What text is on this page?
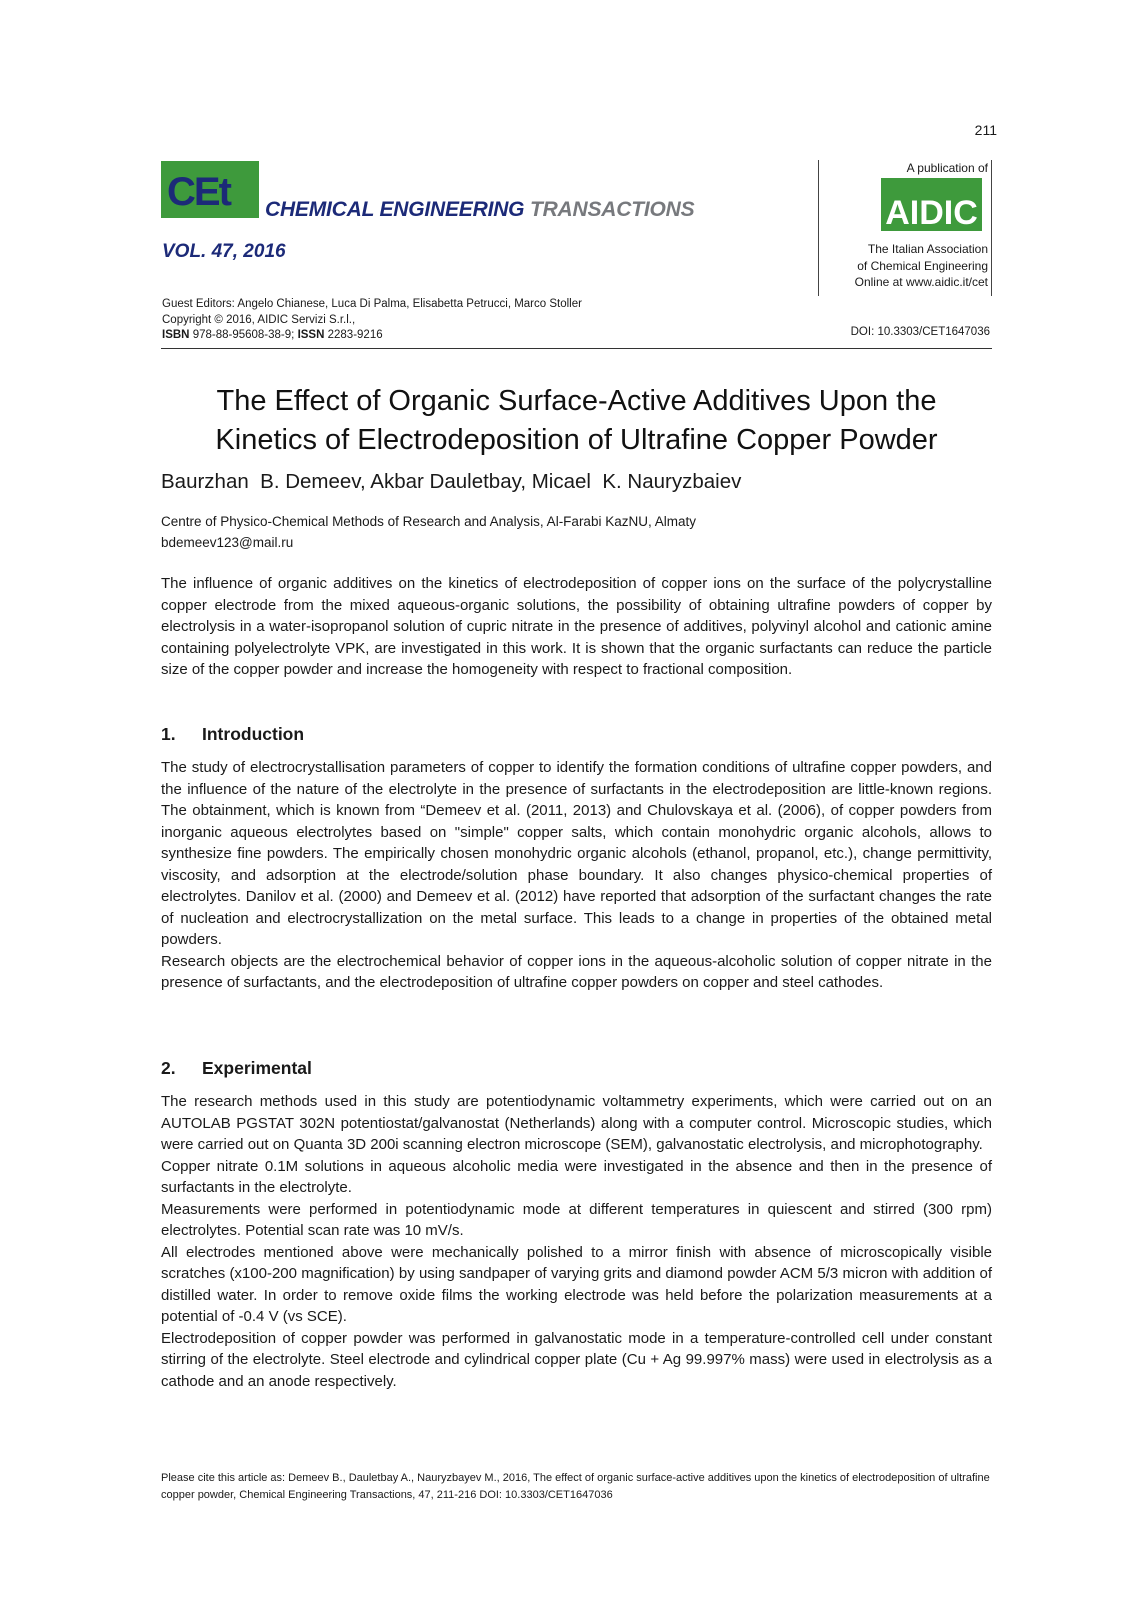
211
CEt CHEMICAL ENGINEERING TRANSACTIONS
VOL. 47, 2016
A publication of
AIDIC
The Italian Association
of Chemical Engineering
Online at www.aidic.it/cet
Guest Editors: Angelo Chianese, Luca Di Palma, Elisabetta Petrucci, Marco Stoller
Copyright © 2016, AIDIC Servizi S.r.l.,
ISBN 978-88-95608-38-9; ISSN 2283-9216	DOI: 10.3303/CET1647036
The Effect of Organic Surface-Active Additives Upon the
Kinetics of Electrodeposition of Ultrafine Copper Powder
Baurzhan  B. Demeev, Akbar Dauletbay, Micael  K. Nauryzbaiev
Centre of Physico-Chemical Methods of Research and Analysis, Al-Farabi KazNU, Almaty
bdemeev123@mail.ru

The influence of organic additives on the kinetics of electrodeposition of copper ions on the surface of the polycrystalline copper electrode from the mixed aqueous-organic solutions, the possibility of obtaining ultrafine powders of copper by electrolysis in a water-isopropanol solution of cupric nitrate in the presence of additives, polyvinyl alcohol and cationic amine containing polyelectrolyte VPK, are investigated in this work. It is shown that the organic surfactants can reduce the particle size of the copper powder and increase the homogeneity with respect to fractional composition.

1. Introduction

The study of electrocrystallisation parameters of copper to identify the formation conditions of ultrafine copper powders, and the influence of the nature of the electrolyte in the presence of surfactants in the electrodeposition are little-known regions. The obtainment, which is known from “Demeev et al. (2011, 2013) and Chulovskaya et al. (2006), of copper powders from inorganic aqueous electrolytes based on "simple" copper salts, which contain monohydric organic alcohols, allows to synthesize fine powders. The empirically chosen monohydric organic alcohols (ethanol, propanol, etc.), change permittivity, viscosity, and adsorption at the electrode/solution phase boundary. It also changes physico-chemical properties of electrolytes. Danilov et al. (2000) and Demeev et al. (2012) have reported that adsorption of the surfactant changes the rate of nucleation and electrocrystallization on the metal surface. This leads to a change in properties of the obtained metal powders.

Research objects are the electrochemical behavior of copper ions in the aqueous-alcoholic solution of copper nitrate in the presence of surfactants, and the electrodeposition of ultrafine copper powders on copper and steel cathodes.

2. Experimental

The research methods used in this study are potentiodynamic voltammetry experiments, which were carried out on an AUTOLAB PGSTAT 302N potentiostat/galvanostat (Netherlands) along with a computer control. Microscopic studies, which were carried out on Quanta 3D 200i scanning electron microscope (SEM), galvanostatic electrolysis, and microphotography.

Copper nitrate 0.1M solutions in aqueous alcoholic media were investigated in the absence and then in the presence of surfactants in the electrolyte.

Measurements were performed in potentiodynamic mode at different temperatures in quiescent and stirred (300 rpm) electrolytes. Potential scan rate was 10 mV/s.

All electrodes mentioned above were mechanically polished to a mirror finish with absence of microscopically visible scratches (x100-200 magnification) by using sandpaper of varying grits and diamond powder ACM 5/3 micron with addition of distilled water. In order to remove oxide films the working electrode was held before the polarization measurements at a potential of -0.4 V (vs SCE).

Electrodeposition of copper powder was performed in galvanostatic mode in a temperature-controlled cell under constant stirring of the electrolyte. Steel electrode and cylindrical copper plate (Cu + Ag 99.997% mass) were used in electrolysis as a cathode and an anode respectively.

Please cite this article as: Demeev B., Dauletbay A., Nauryzbayev M., 2016, The effect of organic surface-active additives upon the kinetics of electrodeposition of ultrafine copper powder, Chemical Engineering Transactions, 47, 211-216 DOI: 10.3303/CET1647036
